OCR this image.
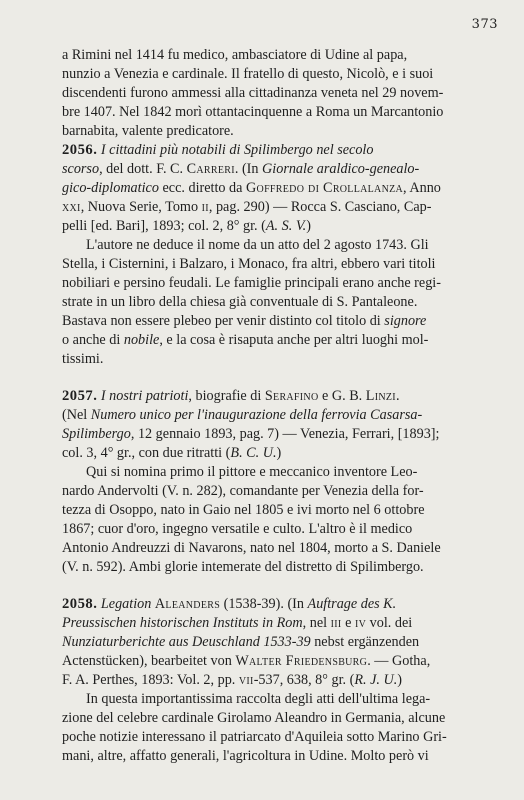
373
a Rimini nel 1414 fu medico, ambasciatore di Udine al papa,
nunzio a Venezia e cardinale. Il fratello di questo, Nicolò, e i suoi
discendenti furono ammessi alla cittadinanza veneta nel 29 novem-
bre 1407. Nel 1842 morì ottantacinquenne a Roma un Marcantonio
barnabita, valente predicatore.
2056. I cittadini più notabili di Spilimbergo nel secolo
scorso, del dott. F. C. Carreri. (In Giornale araldico-genealo-
gico-diplomatico ecc. diretto da Goffredo di Crollalanza, Anno
xxi, Nuova Serie, Tomo ii, pag. 290) — Rocca S. Casciano, Cap-
pelli [ed. Bari], 1893; col. 2, 8° gr. (A. S. V.)
L'autore ne deduce il nome da un atto del 2 agosto 1743. Gli
Stella, i Cisternini, i Balzaro, i Monaco, fra altri, ebbero vari titoli
nobiliari e persino feudali. Le famiglie principali erano anche regi-
strate in un libro della chiesa già conventuale di S. Pantaleone.
Bastava non essere plebeo per venir distinto col titolo di signore
o anche di nobile, e la cosa è risaputa anche per altri luoghi mol-
tissimi.
2057. I nostri patrioti, biografie di Serafino e G. B. Linzi.
(Nel Numero unico per l'inaugurazione della ferrovia Casarsa-
Spilimbergo, 12 gennaio 1893, pag. 7) — Venezia, Ferrari, [1893];
col. 3, 4° gr., con due ritratti (B. C. U.)
Qui si nomina primo il pittore e meccanico inventore Leo-
nardo Andervolti (V. n. 282), comandante per Venezia della for-
tezza di Osoppo, nato in Gaio nel 1805 e ivi morto nel 6 ottobre
1867; cuor d'oro, ingegno versatile e culto. L'altro è il medico
Antonio Andreuzzi di Navarons, nato nel 1804, morto a S. Daniele
(V. n. 592). Ambi glorie intemerate del distretto di Spilimbergo.
2058. Legation Aleanders (1538-39). (In Auftrage des K.
Preussischen historischen Instituts in Rom, nel iii e iv vol. dei
Nunziaturberichte aus Deuschland 1533-39 nebst ergänzenden
Actenstücken), bearbeitet von Walter Friedensburg. — Gotha,
F. A. Perthes, 1893: Vol. 2, pp. vii-537, 638, 8° gr. (R. J. U.)
In questa importantissima raccolta degli atti dell'ultima lega-
zione del celebre cardinale Girolamo Aleandro in Germania, alcune
poche notizie interessano il patriarcato d'Aquileia sotto Marino Gri-
mani, altre, affatto generali, l'agricoltura in Udine. Molto però vi
